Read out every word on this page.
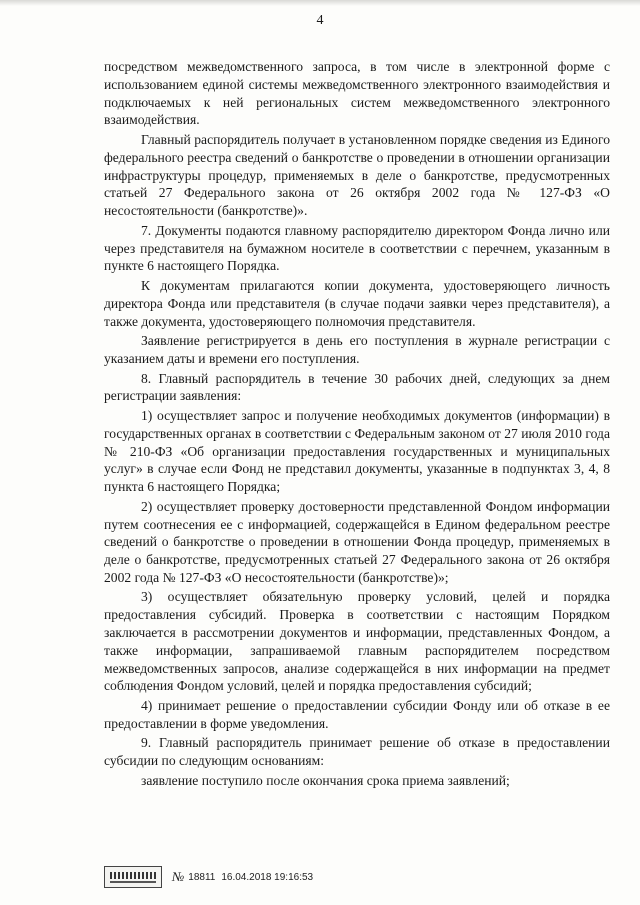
4

посредством межведомственного запроса, в том числе в электронной форме с использованием единой системы межведомственного электронного взаимодействия и подключаемых к ней региональных систем межведомственного электронного взаимодействия.

Главный распорядитель получает в установленном порядке сведения из Единого федерального реестра сведений о банкротстве о проведении в отношении организации инфраструктуры процедур, применяемых в деле о банкротстве, предусмотренных статьей 27 Федерального закона от 26 октября 2002 года № 127-ФЗ «О несостоятельности (банкротстве)».

7. Документы подаются главному распорядителю директором Фонда лично или через представителя на бумажном носителе в соответствии с перечнем, указанным в пункте 6 настоящего Порядка.

К документам прилагаются копии документа, удостоверяющего личность директора Фонда или представителя (в случае подачи заявки через представителя), а также документа, удостоверяющего полномочия представителя.

Заявление регистрируется в день его поступления в журнале регистрации с указанием даты и времени его поступления.

8. Главный распорядитель в течение 30 рабочих дней, следующих за днем регистрации заявления:

1) осуществляет запрос и получение необходимых документов (информации) в государственных органах в соответствии с Федеральным законом от 27 июля 2010 года № 210-ФЗ «Об организации предоставления государственных и муниципальных услуг» в случае если Фонд не представил документы, указанные в подпунктах 3, 4, 8 пункта 6 настоящего Порядка;

2) осуществляет проверку достоверности представленной Фондом информации путем соотнесения ее с информацией, содержащейся в Едином федеральном реестре сведений о банкротстве о проведении в отношении Фонда процедур, применяемых в деле о банкротстве, предусмотренных статьей 27 Федерального закона от 26 октября 2002 года № 127-ФЗ «О несостоятельности (банкротстве)»;

3) осуществляет обязательную проверку условий, целей и порядка предоставления субсидий. Проверка в соответствии с настоящим Порядком заключается в рассмотрении документов и информации, представленных Фондом, а также информации, запрашиваемой главным распорядителем посредством межведомственных запросов, анализе содержащейся в них информации на предмет соблюдения Фондом условий, целей и порядка предоставления субсидий;

4) принимает решение о предоставлении субсидии Фонду или об отказе в ее предоставлении в форме уведомления.

9. Главный распорядитель принимает решение об отказе в предоставлении субсидии по следующим основаниям:

заявление поступило после окончания срока приема заявлений;

№ 18811 16.04.2018 19:16:53
